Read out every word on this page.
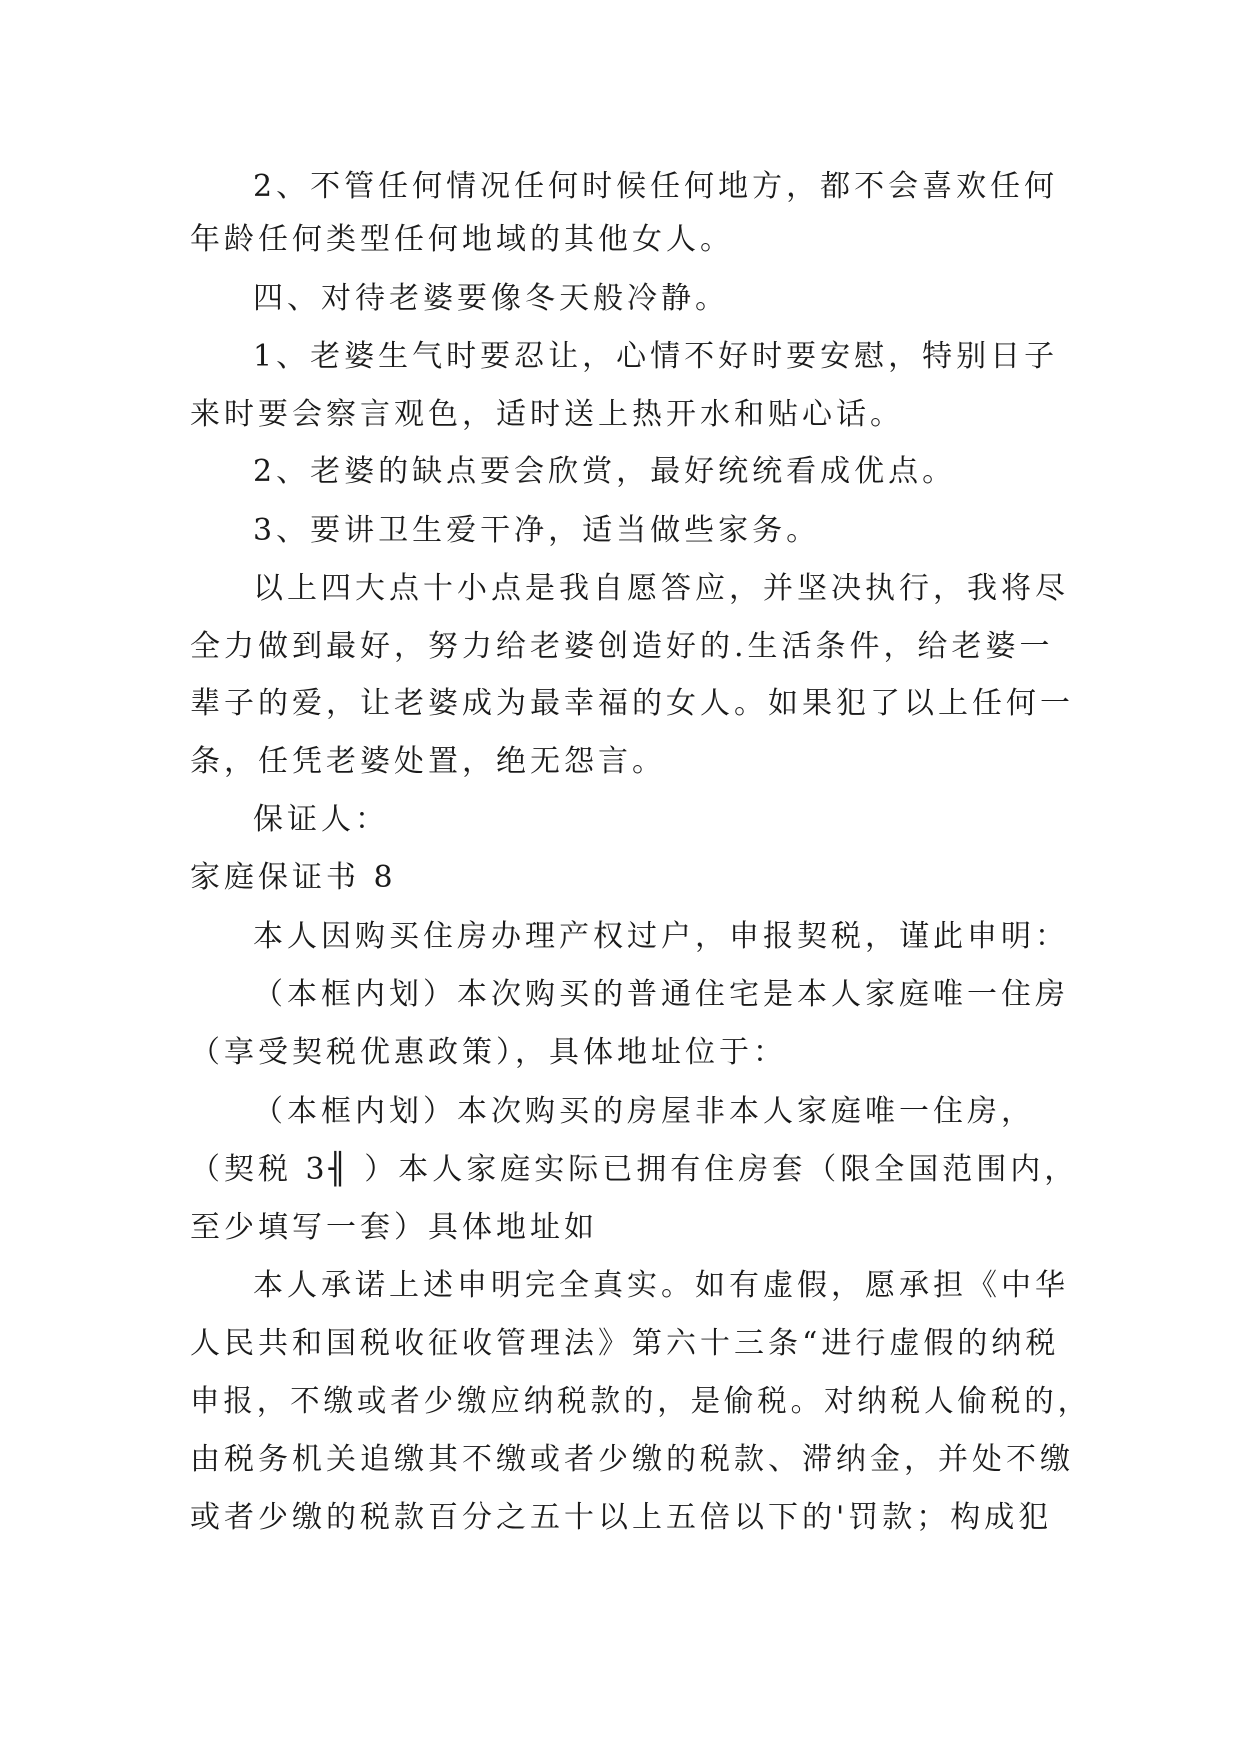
2、不管任何情况任何时候任何地方，都不会喜欢任何
年龄任何类型任何地域的其他女人。
四、对待老婆要像冬天般冷静。
1、老婆生气时要忍让，心情不好时要安慰，特别日子
来时要会察言观色，适时送上热开水和贴心话。
2、老婆的缺点要会欣赏，最好统统看成优点。
3、要讲卫生爱干净，适当做些家务。
以上四大点十小点是我自愿答应，并坚决执行，我将尽
全力做到最好，努力给老婆创造好的.生活条件，给老婆一
辈子的爱，让老婆成为最幸福的女人。如果犯了以上任何一
条，任凭老婆处置，绝无怨言。
保证人：
家庭保证书 8
本人因购买住房办理产权过户，申报契税，谨此申明：
（本框内划）本次购买的普通住宅是本人家庭唯一住房
（享受契税优惠政策），具体地址位于：
（本框内划）本次购买的房屋非本人家庭唯一住房，
（契税 3╢ ）本人家庭实际已拥有住房套（限全国范围内，
至少填写一套）具体地址如
本人承诺上述申明完全真实。如有虚假，愿承担《中华
人民共和国税收征收管理法》第六十三条“进行虚假的纳税
申报，不缴或者少缴应纳税款的，是偷税。对纳税人偷税的，
由税务机关追缴其不缴或者少缴的税款、滞纳金，并处不缴
或者少缴的税款百分之五十以上五倍以下的'罚款；构成犯
